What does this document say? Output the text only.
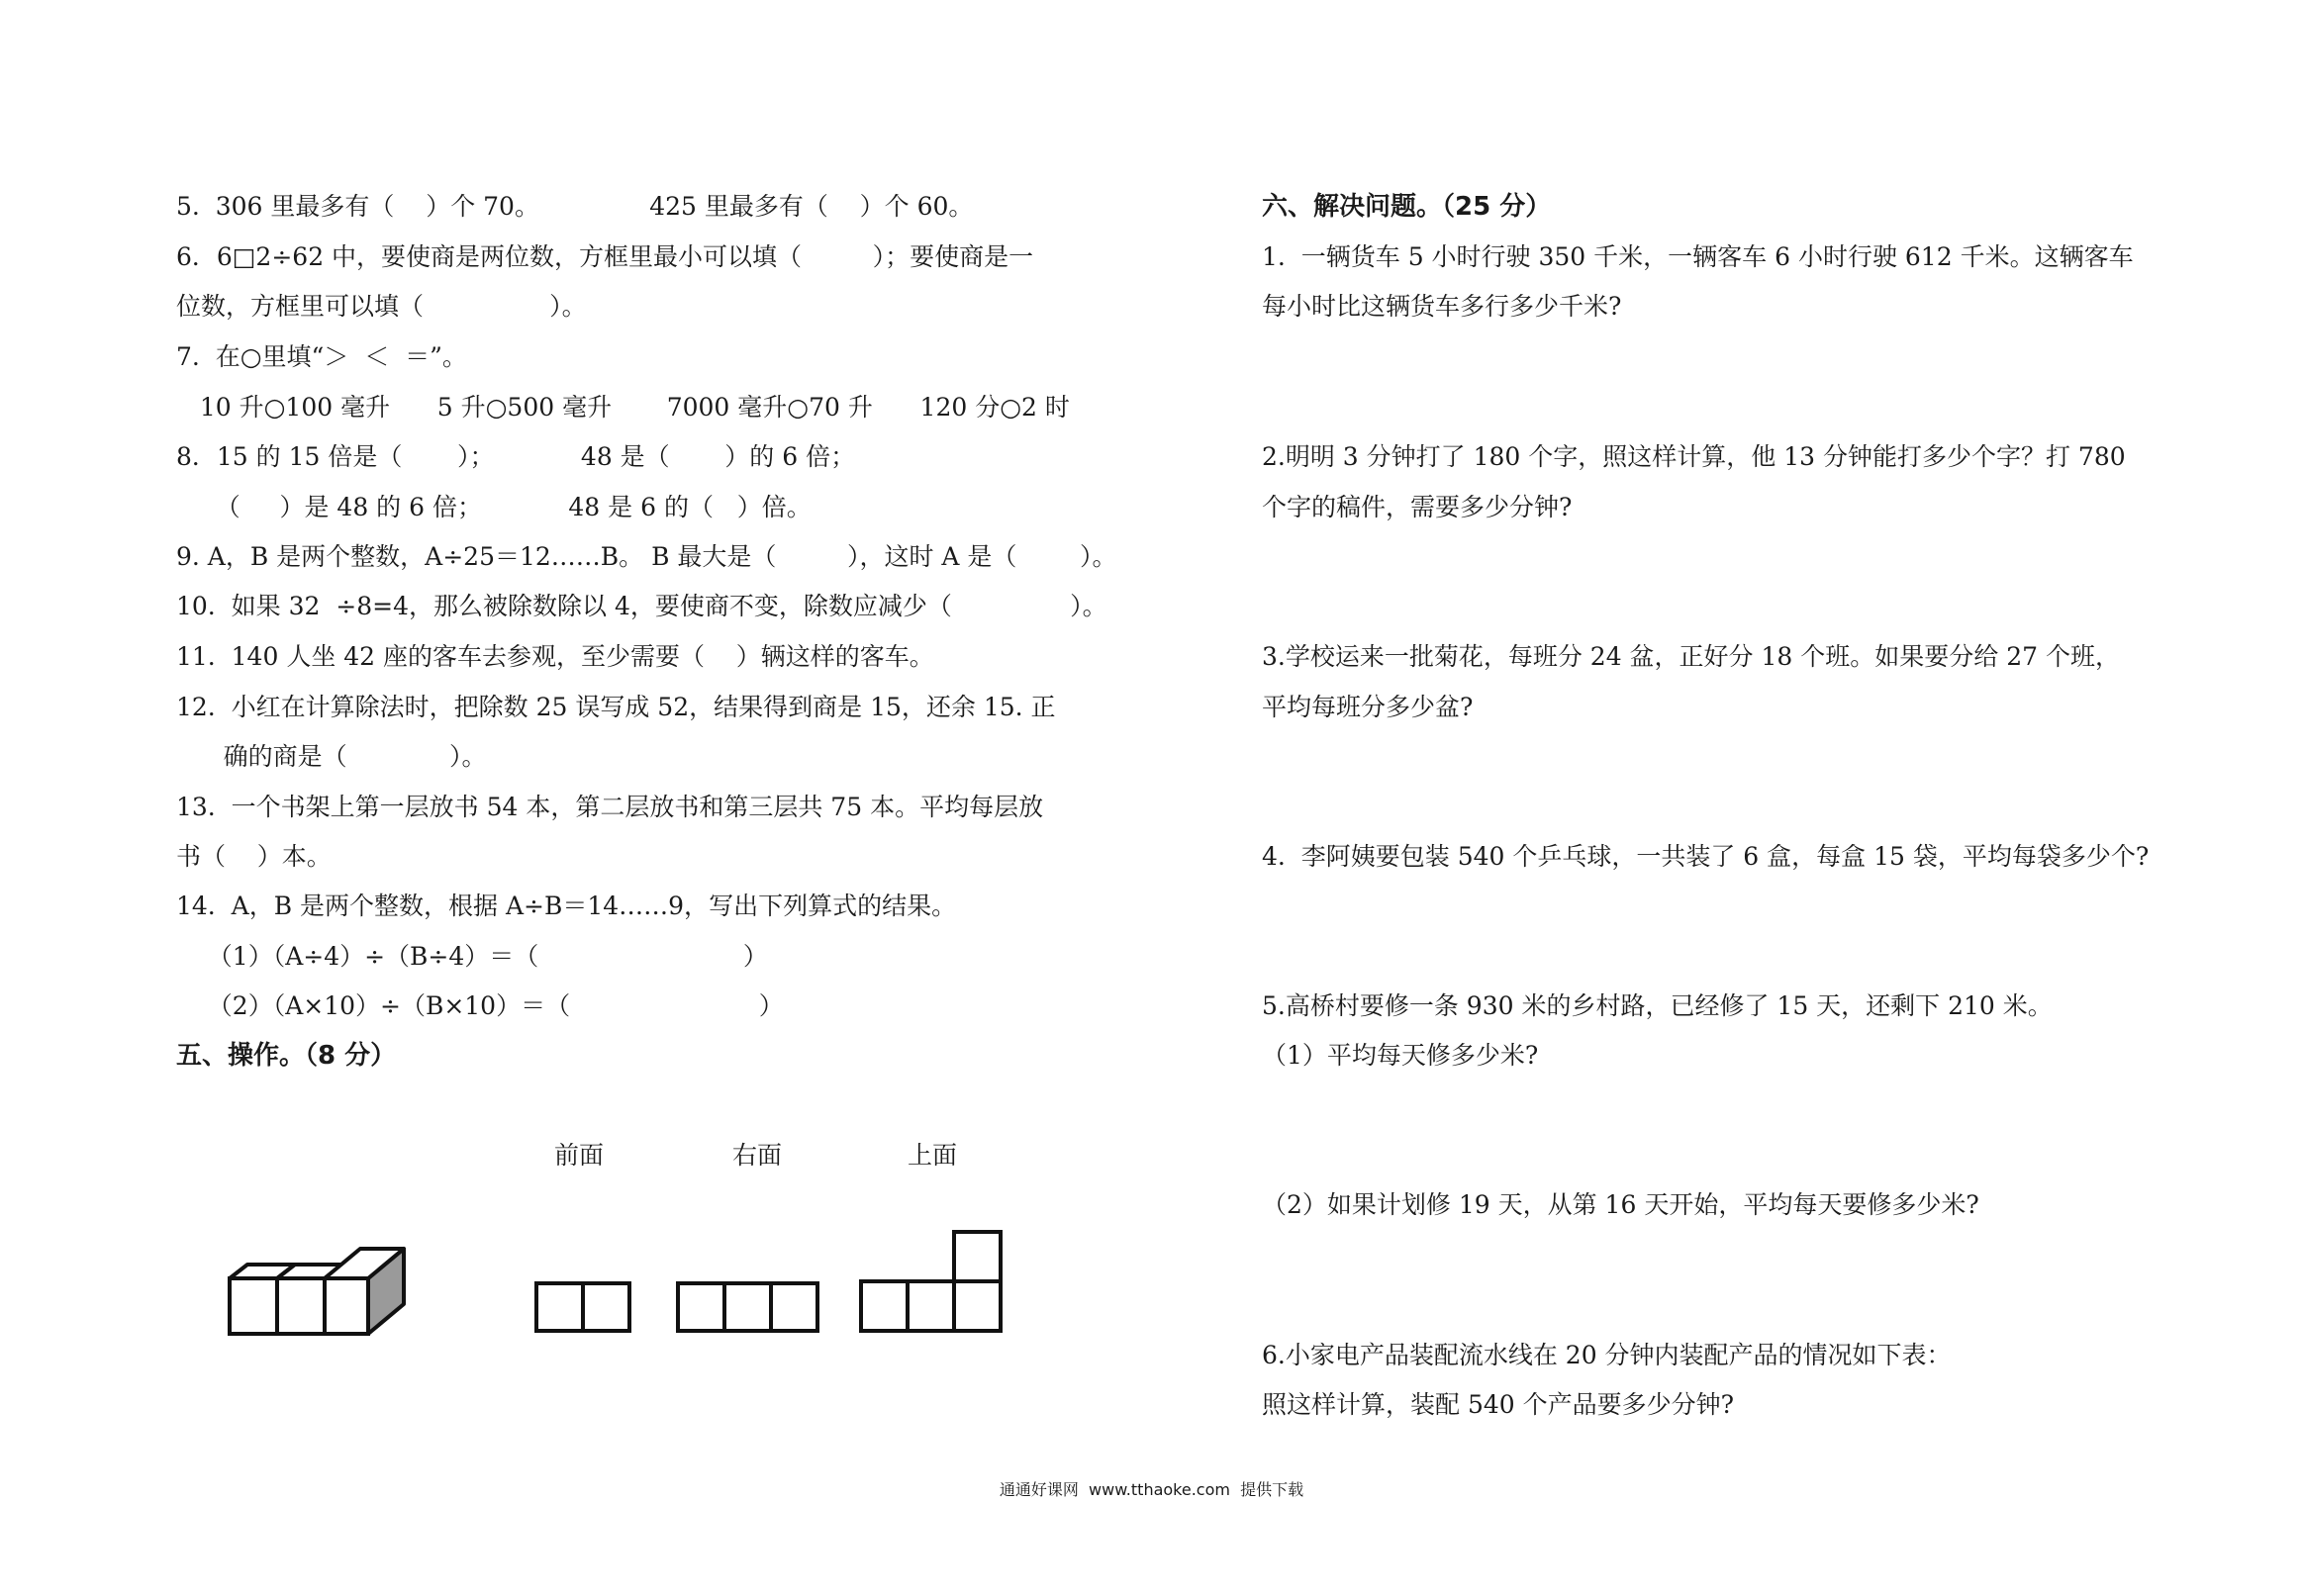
5.  306 里最多有（    ）个 70。              425 里最多有（    ）个 60。
6．6□2÷62 中，要使商是两位数，方框里最小可以填（         ）；要使商是一
位数，方框里可以填（                ）。
7.  在○里填“＞  ＜  ＝”。
10 升○100 毫升      5 升○500 毫升       7000 毫升○70 升      120 分○2 时
8．15 的 15 倍是（       ）；           48 是（       ）的 6 倍；
（     ）是 48 的 6 倍；           48 是 6 的（   ）倍。
9. A，B 是两个整数，A÷25＝12……B。 B 最大是（         ），这时 A 是（        ）。
10.  如果 32  ÷8=4，那么被除数除以 4，要使商不变，除数应减少（               ）。
11.  140 人坐 42 座的客车去参观，至少需要（    ）辆这样的客车。
12.  小红在计算除法时，把除数 25 误写成 52，结果得到商是 15，还余 15. 正
确的商是（             ）。
13.  一个书架上第一层放书 54 本，第二层放书和第三层共 75 本。平均每层放
书（    ）本。
14.  A，B 是两个整数，根据 A÷B＝14……9，写出下列算式的结果。
（1）（A÷4）÷（B÷4）＝（                          ）
（2）（A×10）÷（B×10）＝（                        ）
五、操作。（8 分）
前面	右面	上面
六、解决问题。（25 分）
1.  一辆货车 5 小时行驶 350 千米，一辆客车 6 小时行驶 612 千米。这辆客车
每小时比这辆货车多行多少千米?
2.明明 3 分钟打了 180 个字，照这样计算，他 13 分钟能打多少个字？打 780
个字的稿件，需要多少分钟?
3.学校运来一批菊花，每班分 24 盆，正好分 18 个班。如果要分给 27 个班，
平均每班分多少盆?
4.  李阿姨要包装 540 个乒乓球，一共装了 6 盒，每盒 15 袋，平均每袋多少个?
5.高桥村要修一条 930 米的乡村路，已经修了 15 天，还剩下 210 米。
（1）平均每天修多少米?
（2）如果计划修 19 天，从第 16 天开始，平均每天要修多少米?
6.小家电产品装配流水线在 20 分钟内装配产品的情况如下表：
照这样计算，装配 540 个产品要多少分钟?
通通好课网  www.tthaoke.com  提供下载
